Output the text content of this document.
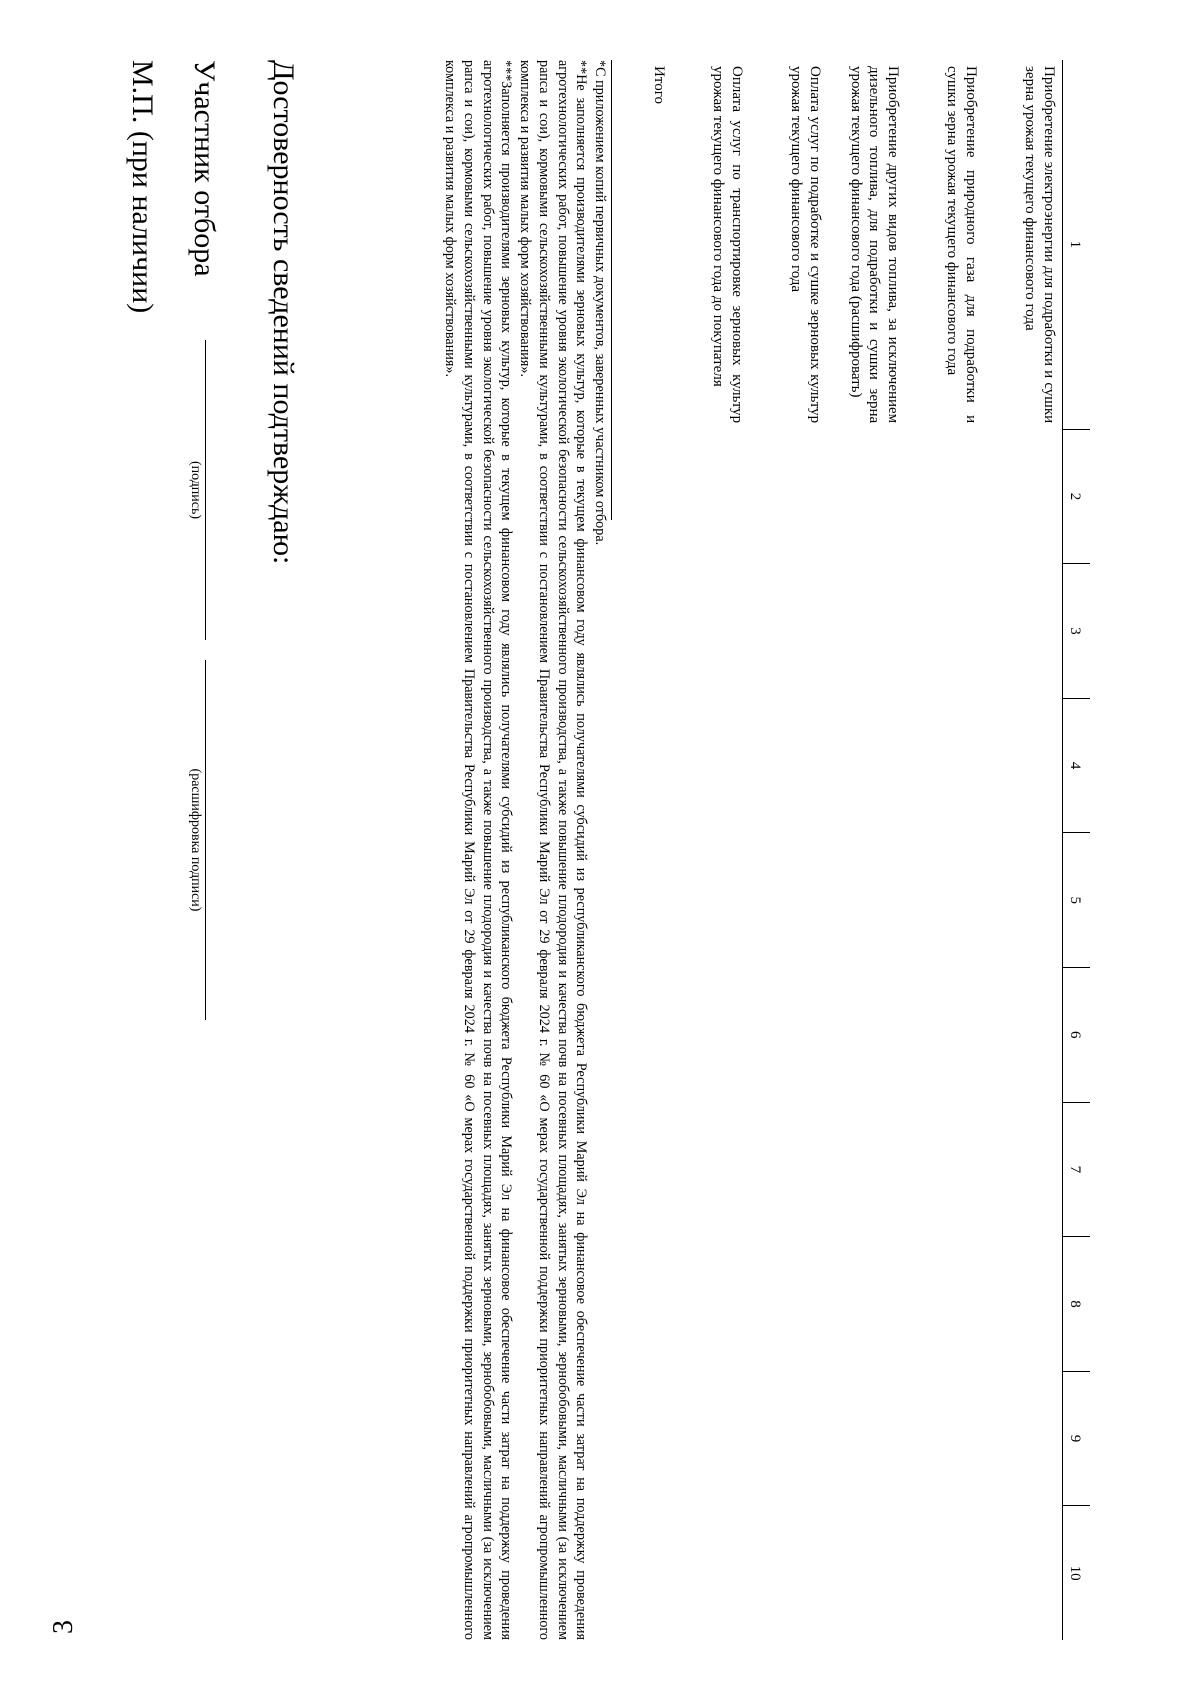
3
1	2	3	4	5	6	7	8	9	10
Приобретение электроэнергии для подработки и сушки зерна урожая текущего финансового года									
Приобретение природного газа для подработки и сушки зерна урожая текущего финансового года									
Приобретение других видов топлива, за исключением дизельного топлива, для подработки и сушки зерна урожая текущего финансового года (расшифровать)									
Оплата услуг по подработке и сушке зерновых культур урожая текущего финансового года									
Оплата услуг по транспортировке зерновых культур урожая текущего финансового года до покупателя									
Итого									

*С приложением копий первичных документов, заверенных участником отбора.

**Не заполняется производителями зерновых культур, которые в текущем финансовом году являлись получателями субсидий из республиканского бюджета Республики Марий Эл на финансовое обеспечение части затрат на поддержку проведения агротехнологических работ, повышение уровня экологической безопасности сельскохозяйственного производства, а также повышение плодородия и качества почв на посевных площадях, занятых зерновыми, зернобобовыми, масличными (за исключением рапса и сои), кормовыми сельскохозяйственными культурами, в соответствии с постановлением Правительства Республики Марий Эл от 29 февраля 2024 г. № 60 «О мерах государственной поддержки приоритетных направлений агропромышленного комплекса и развития малых форм хозяйствования».

***Заполняется производителями зерновых культур, которые в текущем финансовом году являлись получателями субсидий из республиканского бюджета Республики Марий Эл на финансовое обеспечение части затрат на поддержку проведения агротехнологических работ, повышение уровня экологической безопасности сельскохозяйственного производства, а также повышение плодородия и качества почв на посевных площадях, занятых зерновыми, зернобобовыми, масличными (за исключением рапса и сои), кормовыми сельскохозяйственными культурами, в соответствии с постановлением Правительства Республики Марий Эл от 29 февраля 2024 г. № 60 «О мерах государственной поддержки приоритетных направлений агропромышленного комплекса и развития малых форм хозяйствования».

Достоверность сведений подтверждаю:
Участник отбора
(подпись)
(расшифровка подписи)
М.П. (при наличии)
